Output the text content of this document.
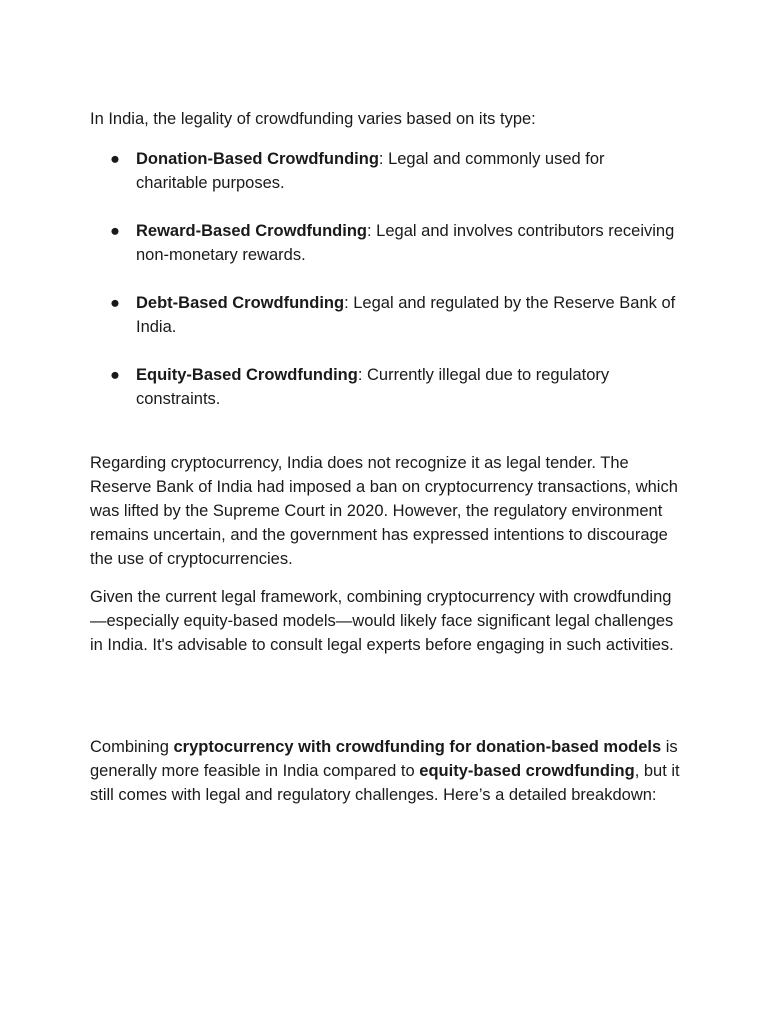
In India, the legality of crowdfunding varies based on its type:

● Donation-Based Crowdfunding: Legal and commonly used for charitable purposes.
● Reward-Based Crowdfunding: Legal and involves contributors receiving non-monetary rewards.
● Debt-Based Crowdfunding: Legal and regulated by the Reserve Bank of India.
● Equity-Based Crowdfunding: Currently illegal due to regulatory constraints.

Regarding cryptocurrency, India does not recognize it as legal tender. The Reserve Bank of India had imposed a ban on cryptocurrency transactions, which was lifted by the Supreme Court in 2020. However, the regulatory environment remains uncertain, and the government has expressed intentions to discourage the use of cryptocurrencies.

Given the current legal framework, combining cryptocurrency with crowdfunding—especially equity-based models—would likely face significant legal challenges in India. It's advisable to consult legal experts before engaging in such activities.

Combining cryptocurrency with crowdfunding for donation-based models is generally more feasible in India compared to equity-based crowdfunding, but it still comes with legal and regulatory challenges. Here’s a detailed breakdown:
